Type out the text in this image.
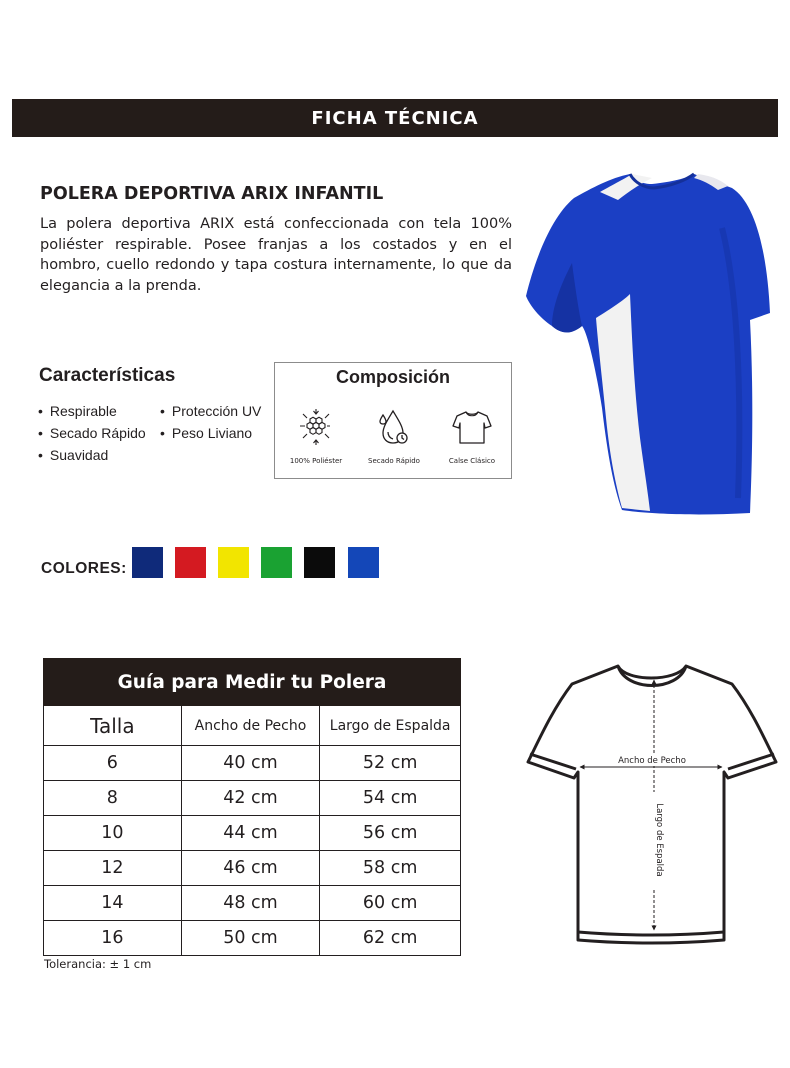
FICHA TÉCNICA
POLERA DEPORTIVA ARIX INFANTIL

La polera deportiva ARIX está confeccionada con tela 100% poliéster respirable. Posee franjas a los costados y en el hombro, cuello redondo y tapa costura internamente, lo que da elegancia a la prenda.

Características
• Respirable	• Protección UV
• Secado Rápido	• Peso Liviano
• Suavidad
Composición
100% Poliéster	Secado Rápido	Calse Clásico
COLORES:
Guía para Medir tu Polera		
Talla	Ancho de Pecho	Largo de Espalda
6	40 cm	52 cm
8	42 cm	54 cm
10	44 cm	56 cm
12	46 cm	58 cm
14	48 cm	60 cm
16	50 cm	62 cm
Tolerancia: ± 1 cm
Ancho de Pecho
Largo de Espalda
